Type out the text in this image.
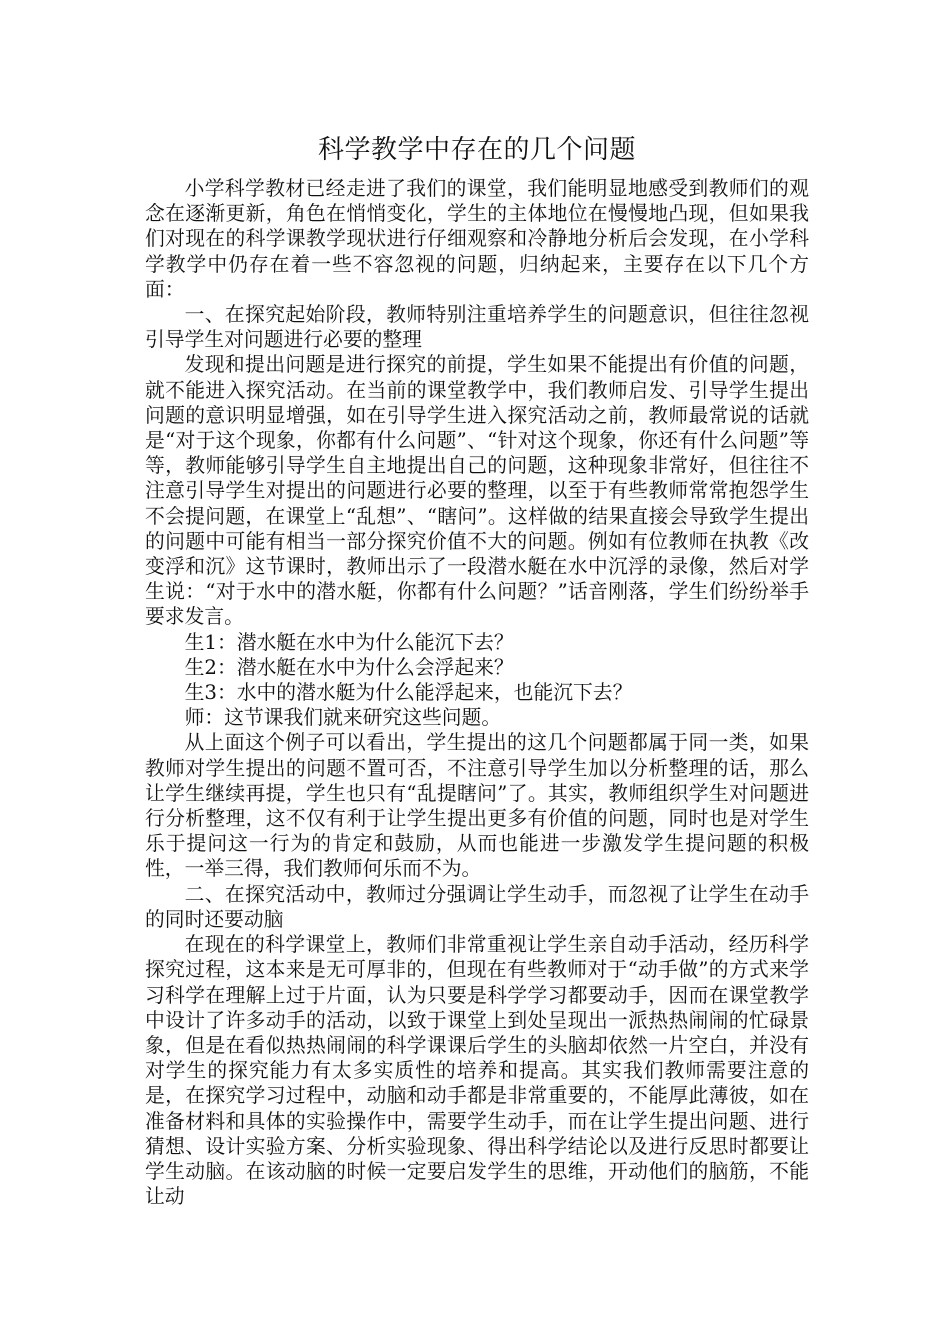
科学教学中存在的几个问题

小学科学教材已经走进了我们的课堂，我们能明显地感受到教师们的观念在逐渐更新，角色在悄悄变化，学生的主体地位在慢慢地凸现，但如果我们对现在的科学课教学现状进行仔细观察和冷静地分析后会发现，在小学科学教学中仍存在着一些不容忽视的问题，归纳起来，主要存在以下几个方面：

一、在探究起始阶段，教师特别注重培养学生的问题意识，但往往忽视引导学生对问题进行必要的整理

发现和提出问题是进行探究的前提，学生如果不能提出有价值的问题，就不能进入探究活动。在当前的课堂教学中，我们教师启发、引导学生提出问题的意识明显增强，如在引导学生进入探究活动之前，教师最常说的话就是“对于这个现象，你都有什么问题”、“针对这个现象，你还有什么问题”等等，教师能够引导学生自主地提出自己的问题，这种现象非常好，但往往不注意引导学生对提出的问题进行必要的整理，以至于有些教师常常抱怨学生不会提问题，在课堂上“乱想”、“瞎问”。这样做的结果直接会导致学生提出的问题中可能有相当一部分探究价值不大的问题。例如有位教师在执教《改变浮和沉》这节课时，教师出示了一段潜水艇在水中沉浮的录像，然后对学生说：“对于水中的潜水艇，你都有什么问题？”话音刚落，学生们纷纷举手要求发言。

生1：潜水艇在水中为什么能沉下去？

生2：潜水艇在水中为什么会浮起来？

生3：水中的潜水艇为什么能浮起来，也能沉下去？

师：这节课我们就来研究这些问题。

从上面这个例子可以看出，学生提出的这几个问题都属于同一类，如果教师对学生提出的问题不置可否，不注意引导学生加以分析整理的话，那么让学生继续再提，学生也只有“乱提瞎问”了。其实，教师组织学生对问题进行分析整理，这不仅有利于让学生提出更多有价值的问题，同时也是对学生乐于提问这一行为的肯定和鼓励，从而也能进一步激发学生提问题的积极性，一举三得，我们教师何乐而不为。

二、在探究活动中，教师过分强调让学生动手，而忽视了让学生在动手的同时还要动脑

在现在的科学课堂上，教师们非常重视让学生亲自动手活动，经历科学探究过程，这本来是无可厚非的，但现在有些教师对于“动手做”的方式来学习科学在理解上过于片面，认为只要是科学学习都要动手，因而在课堂教学中设计了许多动手的活动，以致于课堂上到处呈现出一派热热闹闹的忙碌景象，但是在看似热热闹闹的科学课课后学生的头脑却依然一片空白，并没有对学生的探究能力有太多实质性的培养和提高。其实我们教师需要注意的是，在探究学习过程中，动脑和动手都是非常重要的，不能厚此薄彼，如在准备材料和具体的实验操作中，需要学生动手，而在让学生提出问题、进行猜想、设计实验方案、分析实验现象、得出科学结论以及进行反思时都要让学生动脑。在该动脑的时候一定要启发学生的思维，开动他们的脑筋，不能让动
